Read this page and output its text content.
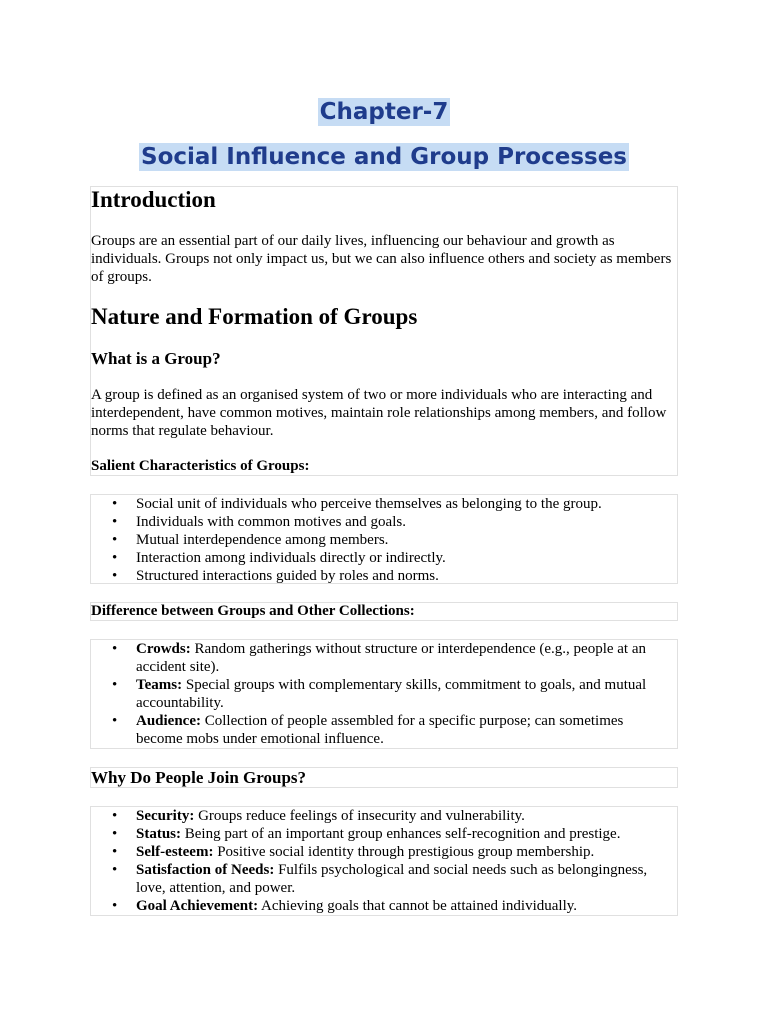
Chapter-7
Social Influence and Group Processes
Introduction

Groups are an essential part of our daily lives, influencing our behaviour and growth as individuals. Groups not only impact us, but we can also influence others and society as members of groups.

Nature and Formation of Groups
What is a Group?

A group is defined as an organised system of two or more individuals who are interacting and interdependent, have common motives, maintain role relationships among members, and follow norms that regulate behaviour.

Salient Characteristics of Groups:
• Social unit of individuals who perceive themselves as belonging to the group.
• Individuals with common motives and goals.
• Mutual interdependence among members.
• Interaction among individuals directly or indirectly.
• Structured interactions guided by roles and norms.
Difference between Groups and Other Collections:
• Crowds: Random gatherings without structure or interdependence (e.g., people at an accident site).
• Teams: Special groups with complementary skills, commitment to goals, and mutual accountability.
• Audience: Collection of people assembled for a specific purpose; can sometimes become mobs under emotional influence.
Why Do People Join Groups?
• Security: Groups reduce feelings of insecurity and vulnerability.
• Status: Being part of an important group enhances self-recognition and prestige.
• Self-esteem: Positive social identity through prestigious group membership.
• Satisfaction of Needs: Fulfils psychological and social needs such as belongingness, love, attention, and power.
• Goal Achievement: Achieving goals that cannot be attained individually.
